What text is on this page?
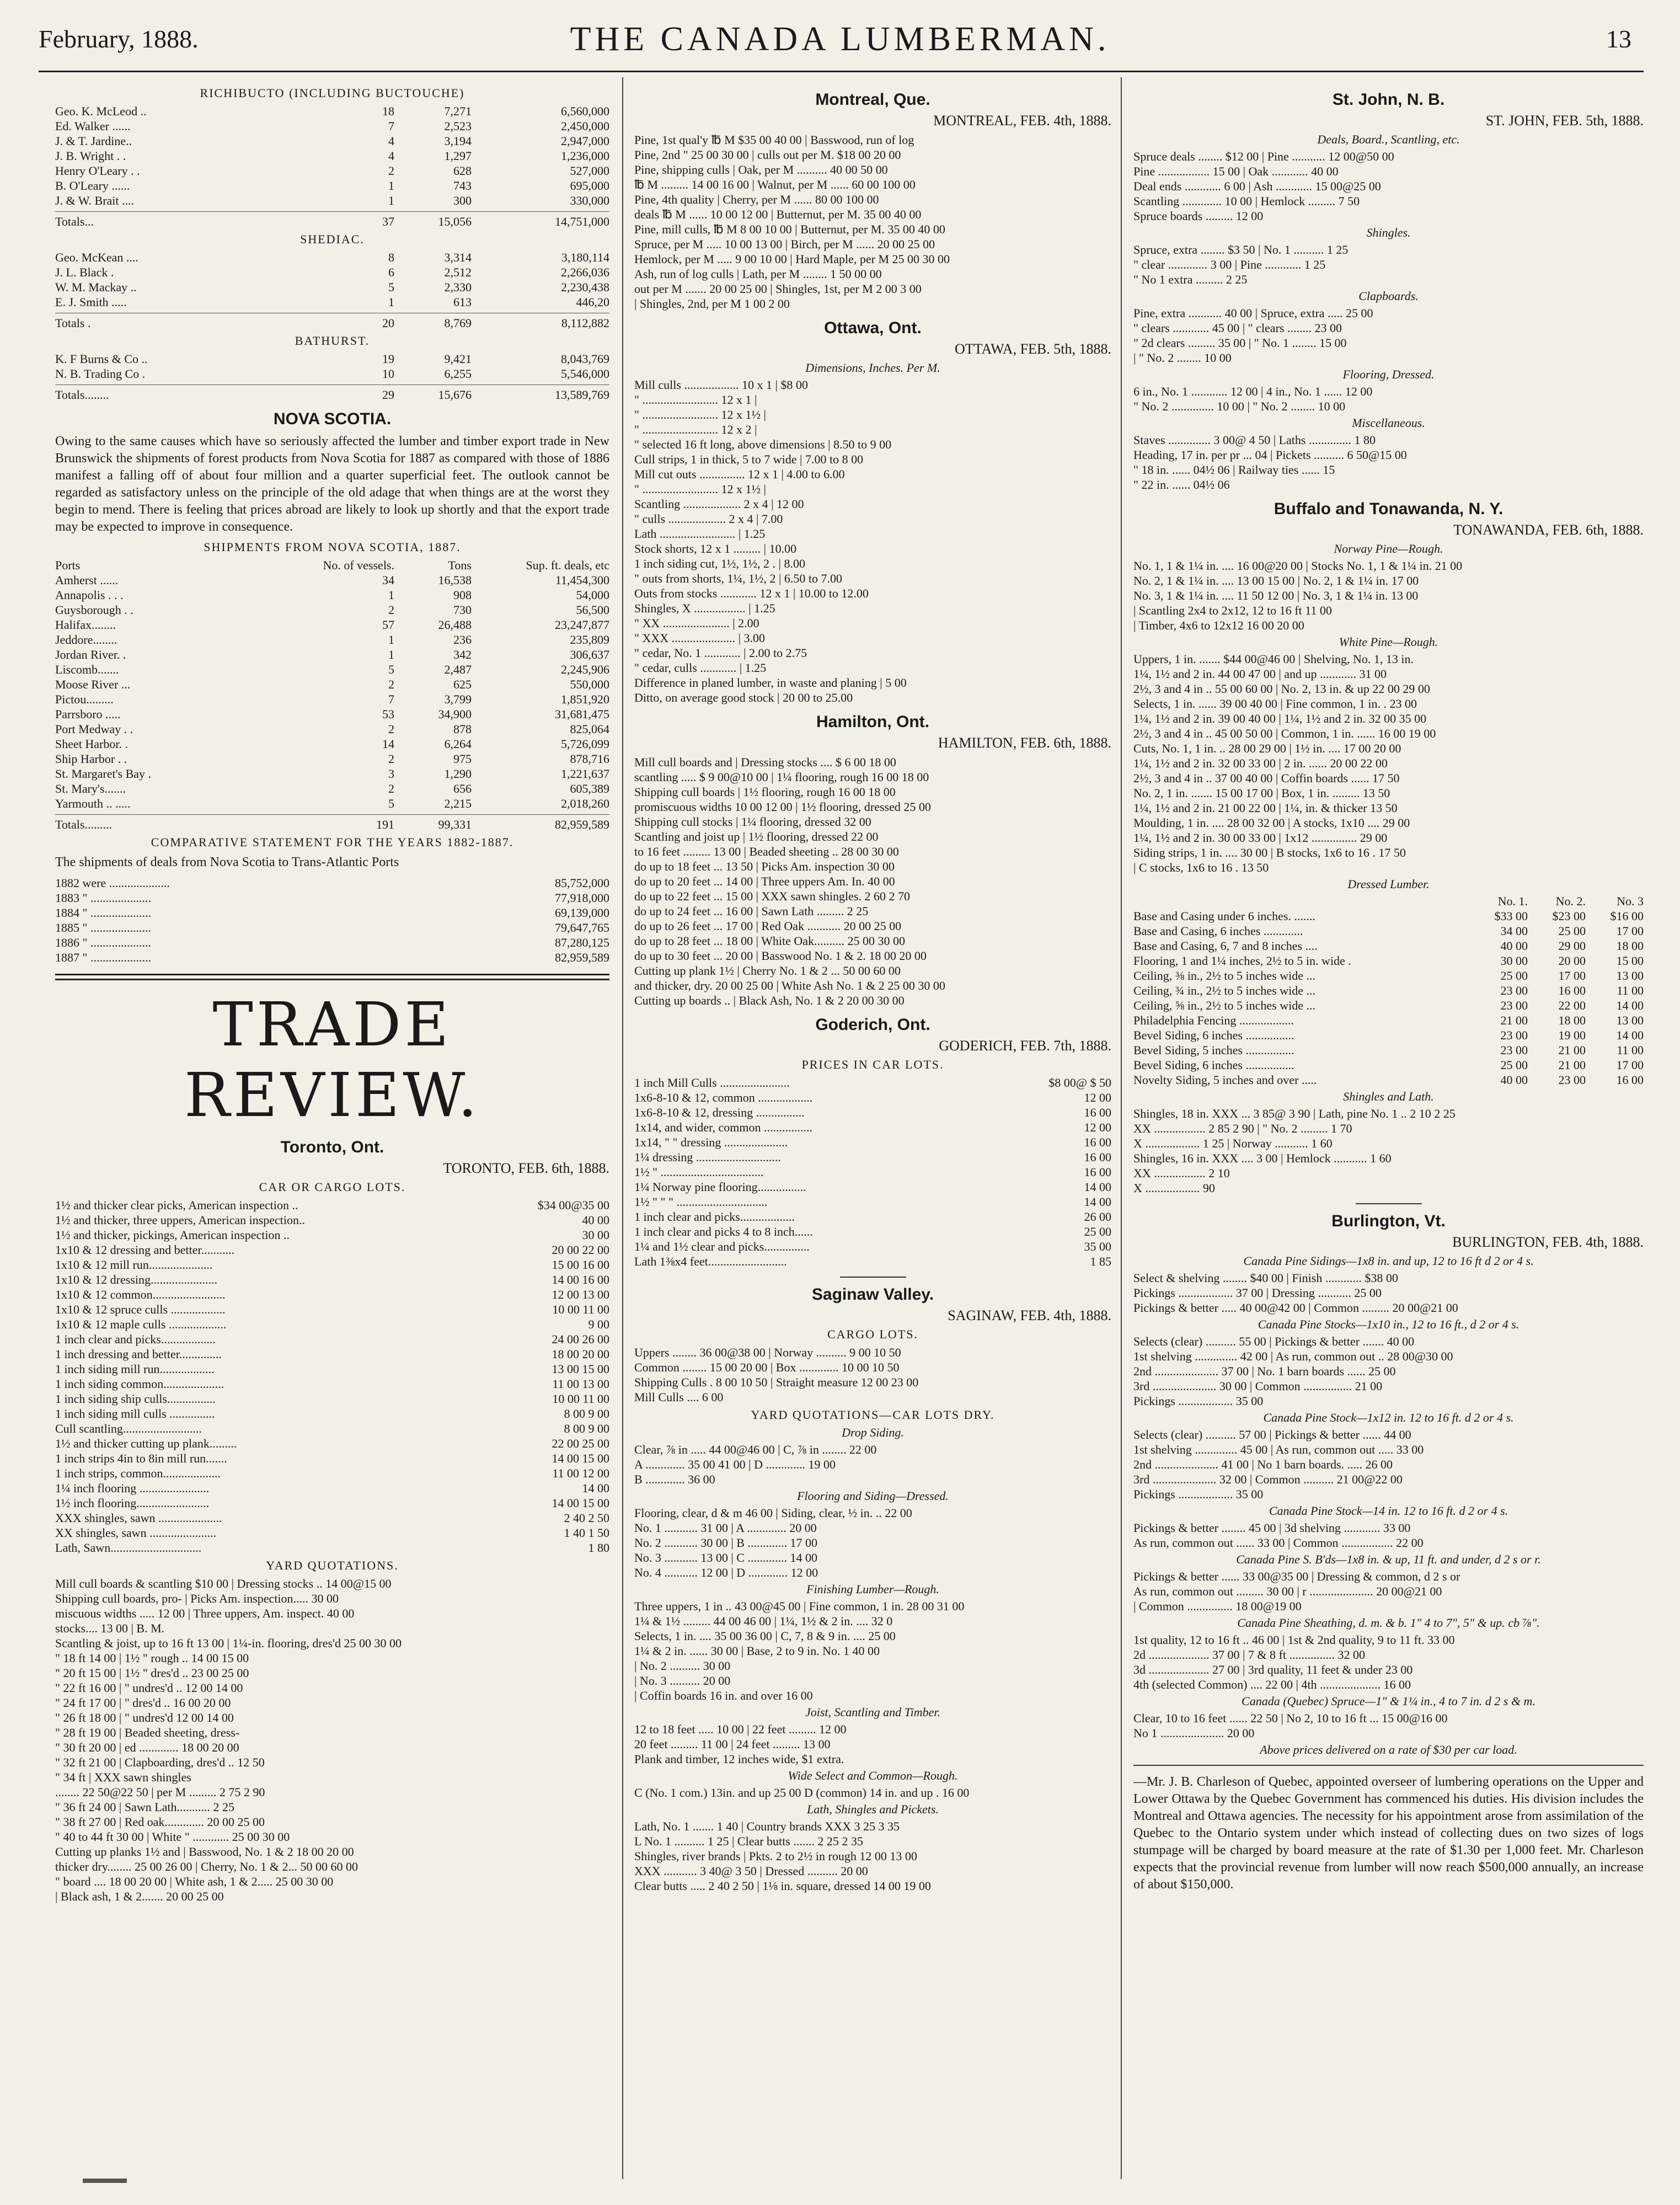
February, 1888.	THE CANADA LUMBERMAN.	13
RICHIBUCTO (INCLUDING BUCTOUCHE)
Geo. K. McLeod ..	18	7,271	6,560,000
Ed. Walker ......	7	2,523	2,450,000
J. & T. Jardine..	4	3,194	2,947,000
J. B. Wright . .	4	1,297	1,236,000
Henry O'Leary . .	2	628	527,000
B. O'Leary ......	1	743	695,000
J. & W. Brait ....	1	300	330,000
Totals...	37	15,056	14,751,000
SHEDIAC.
Geo. McKean ....	8	3,314	3,180,114
J. L. Black .	6	2,512	2,266,036
W. M. Mackay ..	5	2,330	2,230,438
E. J. Smith .....	1	613	446,20
Totals .	20	8,769	8,112,882
BATHURST.
K. F Burns & Co ..	19	9,421	8,043,769
N. B. Trading Co .	10	6,255	5,546,000
Totals........	29	15,676	13,589,769
NOVA SCOTIA.

Owing to the same causes which have so seriously affected the lumber and timber export trade in New Brunswick the shipments of forest products from Nova Scotia for 1887 as compared with those of 1886 manifest a falling off of about four million and a quarter superficial feet. The outlook cannot be regarded as satisfactory unless on the principle of the old adage that when things are at the worst they begin to mend. There is feeling that prices abroad are likely to look up shortly and that the export trade may be expected to improve in consequence.

SHIPMENTS FROM NOVA SCOTIA, 1887.
Ports	No. of vessels.	Tons	Sup. ft. deals, etc
Amherst ......	34	16,538	11,454,300
Annapolis . . .	1	908	54,000
Guysborough . .	2	730	56,500
Halifax........	57	26,488	23,247,877
Jeddore........	1	236	235,809
Jordan River. .	1	342	306,637
Liscomb.......	5	2,487	2,245,906
Moose River ...	2	625	550,000
Pictou.........	7	3,799	1,851,920
Parrsboro .....	53	34,900	31,681,475
Port Medway . .	2	878	825,064
Sheet Harbor. .	14	6,264	5,726,099
Ship Harbor . .	2	975	878,716
St. Margaret's Bay .	3	1,290	1,221,637
St. Mary's.......	2	656	605,389
Yarmouth .. .....	5	2,215	2,018,260
Totals.........	191	99,331	82,959,589
COMPARATIVE STATEMENT FOR THE YEARS 1882-1887.
The shipments of deals from Nova Scotia to Trans-Atlantic Ports
1882 were ....................	85,752,000
1883 " ....................	77,918,000
1884 " ....................	69,139,000
1885 " ....................	79,647,765
1886 " ....................	87,280,125
1887 " ....................	82,959,589
TRADE REVIEW.
Toronto, Ont.
TORONTO, FEB. 6th, 1888.
CAR OR CARGO LOTS.
1½ and thicker clear picks, American inspection ..	$34 00@35 00
1½ and thicker, three uppers, American inspection..	40 00
1½ and thicker, pickings, American inspection ..	30 00
1x10 & 12 dressing and better...........	20 00 22 00
1x10 & 12 mill run.....................	15 00 16 00
1x10 & 12 dressing......................	14 00 16 00
1x10 & 12 common........................	12 00 13 00
1x10 & 12 spruce culls ..................	10 00 11 00
1x10 & 12 maple culls ...................	9 00
1 inch clear and picks..................	24 00 26 00
1 inch dressing and better..............	18 00 20 00
1 inch siding mill run..................	13 00 15 00
1 inch siding common....................	11 00 13 00
1 inch siding ship culls................	10 00 11 00
1 inch siding mill culls ...............	8 00 9 00
Cull scantling..........................	8 00 9 00
1½ and thicker cutting up plank.........	22 00 25 00
1 inch strips 4in to 8in mill run.......	14 00 15 00
1 inch strips, common...................	11 00 12 00
1¼ inch flooring .......................	14 00
1½ inch flooring........................	14 00 15 00
XXX shingles, sawn .....................	2 40 2 50
XX shingles, sawn ......................	1 40 1 50
Lath, Sawn..............................	1 80
YARD QUOTATIONS.
Mill cull boards & scantling $10 00 | Dressing stocks .. 14 00@15 00
Shipping cull boards, pro- | Picks Am. inspection..... 30 00
miscuous widths ..... 12 00 | Three uppers, Am. inspect. 40 00
stocks.... 13 00 | B. M.
Scantling & joist, up to 16 ft 13 00 | 1¼-in. flooring, dres'd 25 00 30 00
" 18 ft 14 00 | 1½ " rough .. 14 00 15 00
" 20 ft 15 00 | 1½ " dres'd .. 23 00 25 00
" 22 ft 16 00 | " undres'd .. 12 00 14 00
" 24 ft 17 00 | " dres'd .. 16 00 20 00
" 26 ft 18 00 | " undres'd 12 00 14 00
" 28 ft 19 00 | Beaded sheeting, dress-
" 30 ft 20 00 | ed ............. 18 00 20 00
" 32 ft 21 00 | Clapboarding, dres'd .. 12 50
" 34 ft | XXX sawn shingles
........ 22 50@22 50 | per M ......... 2 75 2 90
" 36 ft 24 00 | Sawn Lath........... 2 25
" 38 ft 27 00 | Red oak............. 20 00 25 00
" 40 to 44 ft 30 00 | White " ............ 25 00 30 00
Cutting up planks 1½ and | Basswood, No. 1 & 2 18 00 20 00
thicker dry........ 25 00 26 00 | Cherry, No. 1 & 2... 50 00 60 00
" board .... 18 00 20 00 | White ash, 1 & 2..... 25 00 30 00
| Black ash, 1 & 2....... 20 00 25 00
Montreal, Que.
MONTREAL, FEB. 4th, 1888.
Pine, 1st qual'y ℔ M $35 00 40 00 | Basswood, run of log
Pine, 2nd " 25 00 30 00 | culls out per M. $18 00 20 00
Pine, shipping culls | Oak, per M .......... 40 00 50 00
℔ M ......... 14 00 16 00 | Walnut, per M ...... 60 00 100 00
Pine, 4th quality | Cherry, per M ...... 80 00 100 00
deals ℔ M ...... 10 00 12 00 | Butternut, per M. 35 00 40 00
Pine, mill culls, ℔ M 8 00 10 00 | Butternut, per M. 35 00 40 00
Spruce, per M ..... 10 00 13 00 | Birch, per M ...... 20 00 25 00
Hemlock, per M ..... 9 00 10 00 | Hard Maple, per M 25 00 30 00
Ash, run of log culls | Lath, per M ........ 1 50 00 00
out per M ....... 20 00 25 00 | Shingles, 1st, per M 2 00 3 00
| Shingles, 2nd, per M 1 00 2 00
Ottawa, Ont.
OTTAWA, FEB. 5th, 1888.
Dimensions, Inches. Per M.
Mill culls .................. 10 x 1 | $8 00
" ......................... 12 x 1 |
" ......................... 12 x 1½ |
" ......................... 12 x 2 |
" selected 16 ft long, above dimensions | 8.50 to 9 00
Cull strips, 1 in thick, 5 to 7 wide | 7.00 to 8 00
Mill cut outs ............... 12 x 1 | 4.00 to 6.00
" ......................... 12 x 1½ |
Scantling ................... 2 x 4 | 12 00
" culls ................... 2 x 4 | 7.00
Lath ......................... | 1.25
Stock shorts, 12 x 1 ......... | 10.00
1 inch siding cut, 1½, 1½, 2 . | 8.00
" outs from shorts, 1¼, 1½, 2 | 6.50 to 7.00
Outs from stocks ............ 12 x 1 | 10.00 to 12.00
Shingles, X ................. | 1.25
" XX ...................... | 2.00
" XXX ..................... | 3.00
" cedar, No. 1 ............ | 2.00 to 2.75
" cedar, culls ............ | 1.25
Difference in planed lumber, in waste and planing | 5 00
Ditto, on average good stock | 20 00 to 25.00
Hamilton, Ont.
HAMILTON, FEB. 6th, 1888.
Mill cull boards and | Dressing stocks .... $ 6 00 18 00
scantling ..... $ 9 00@10 00 | 1¼ flooring, rough 16 00 18 00
Shipping cull boards | 1½ flooring, rough 16 00 18 00
promiscuous widths 10 00 12 00 | 1½ flooring, dressed 25 00
Shipping cull stocks | 1¼ flooring, dressed 32 00
Scantling and joist up | 1½ flooring, dressed 22 00
to 16 feet ......... 13 00 | Beaded sheeting .. 28 00 30 00
do up to 18 feet ... 13 50 | Picks Am. inspection 30 00
do up to 20 feet ... 14 00 | Three uppers Am. In. 40 00
do up to 22 feet ... 15 00 | XXX sawn shingles. 2 60 2 70
do up to 24 feet ... 16 00 | Sawn Lath ......... 2 25
do up to 26 feet ... 17 00 | Red Oak ........... 20 00 25 00
do up to 28 feet ... 18 00 | White Oak.......... 25 00 30 00
do up to 30 feet ... 20 00 | Basswood No. 1 & 2. 18 00 20 00
Cutting up plank 1½ | Cherry No. 1 & 2 ... 50 00 60 00
and thicker, dry. 20 00 25 00 | White Ash No. 1 & 2 25 00 30 00
Cutting up boards .. | Black Ash, No. 1 & 2 20 00 30 00
Goderich, Ont.
GODERICH, FEB. 7th, 1888.
PRICES IN CAR LOTS.
1 inch Mill Culls .......................	$8 00@ $ 50
1x6-8-10 & 12, common ..................	12 00
1x6-8-10 & 12, dressing ................	16 00
1x14, and wider, common ................	12 00
1x14, " " dressing .....................	16 00
1¼ dressing ............................	16 00
1½ " ..................................	16 00
1¼ Norway pine flooring................	14 00
1½ " " " ..............................	14 00
1 inch clear and picks..................	26 00
1 inch clear and picks 4 to 8 inch......	25 00
1¼ and 1½ clear and picks...............	35 00
Lath 1⅜x4 feet..........................	1 85
Saginaw Valley.
SAGINAW, FEB. 4th, 1888.
CARGO LOTS.
Uppers ........ 36 00@38 00 | Norway .......... 9 00 10 50
Common ........ 15 00 20 00 | Box ............. 10 00 10 50
Shipping Culls . 8 00 10 50 | Straight measure 12 00 23 00
Mill Culls .... 6 00
YARD QUOTATIONS—CAR LOTS DRY.
Drop Siding.
Clear, ⅞ in ..... 44 00@46 00 | C, ⅞ in ........ 22 00
A ............. 35 00 41 00 | D ............. 19 00
B ............. 36 00
Flooring and Siding—Dressed.
Flooring, clear, d & m 46 00 | Siding, clear, ½ in. .. 22 00
No. 1 ........... 31 00 | A ............. 20 00
No. 2 ........... 30 00 | B ............. 17 00
No. 3 ........... 13 00 | C ............. 14 00
No. 4 ........... 12 00 | D ............. 12 00
Finishing Lumber—Rough.
Three uppers, 1 in .. 43 00@45 00 | Fine common, 1 in. 28 00 31 00
1¼ & 1½ ......... 44 00 46 00 | 1¼, 1½ & 2 in. .... 32 0
Selects, 1 in. .... 35 00 36 00 | C, 7, 8 & 9 in. .... 25 00
1¼ & 2 in. ...... 30 00 | Base, 2 to 9 in. No. 1 40 00
| No. 2 .......... 30 00
| No. 3 .......... 20 00
| Coffin boards 16 in. and over 16 00
Joist, Scantling and Timber.
12 to 18 feet ..... 10 00 | 22 feet ......... 12 00
20 feet ......... 11 00 | 24 feet ......... 13 00
Plank and timber, 12 inches wide, $1 extra.
Wide Select and Common—Rough.
C (No. 1 com.) 13in. and up 25 00 D (common) 14 in. and up . 16 00
Lath, Shingles and Pickets.
Lath, No. 1 ....... 1 40 | Country brands XXX 3 25 3 35
L No. 1 .......... 1 25 | Clear butts ....... 2 25 2 35
Shingles, river brands | Pkts. 2 to 2½ in rough 12 00 13 00
XXX ........... 3 40@ 3 50 | Dressed .......... 20 00
Clear butts ..... 2 40 2 50 | 1⅛ in. square, dressed 14 00 19 00
St. John, N. B.
ST. JOHN, FEB. 5th, 1888.
Deals, Board., Scantling, etc.
Spruce deals ........ $12 00 | Pine ........... 12 00@50 00
Pine ................. 15 00 | Oak ............ 40 00
Deal ends ............ 6 00 | Ash ............ 15 00@25 00
Scantling ............. 10 00 | Hemlock ......... 7 50
Spruce boards ......... 12 00
Shingles.
Spruce, extra ........ $3 50 | No. 1 .......... 1 25
" clear ............. 3 00 | Pine ............ 1 25
" No 1 extra ......... 2 25
Clapboards.
Pine, extra ........... 40 00 | Spruce, extra ..... 25 00
" clears ............ 45 00 | " clears ........ 23 00
" 2d clears ......... 35 00 | " No. 1 ........ 15 00
| " No. 2 ........ 10 00
Flooring, Dressed.
6 in., No. 1 ............ 12 00 | 4 in., No. 1 ...... 12 00
" No. 2 .............. 10 00 | " No. 2 ........ 10 00
Miscellaneous.
Staves .............. 3 00@ 4 50 | Laths .............. 1 80
Heading, 17 in. per pr ... 04 | Pickets .......... 6 50@15 00
" 18 in. ...... 04½ 06 | Railway ties ...... 15
" 22 in. ...... 04½ 06
Buffalo and Tonawanda, N. Y.
TONAWANDA, FEB. 6th, 1888.
Norway Pine—Rough.
No. 1, 1 & 1¼ in. .... 16 00@20 00 | Stocks No. 1, 1 & 1¼ in. 21 00
No. 2, 1 & 1¼ in. .... 13 00 15 00 | No. 2, 1 & 1¼ in. 17 00
No. 3, 1 & 1¼ in. .... 11 50 12 00 | No. 3, 1 & 1¼ in. 13 00
| Scantling 2x4 to 2x12, 12 to 16 ft 11 00
| Timber, 4x6 to 12x12 16 00 20 00
White Pine—Rough.
Uppers, 1 in. ....... $44 00@46 00 | Shelving, No. 1, 13 in.
1¼, 1½ and 2 in. 44 00 47 00 | and up ............ 31 00
2½, 3 and 4 in .. 55 00 60 00 | No. 2, 13 in. & up 22 00 29 00
Selects, 1 in. ...... 39 00 40 00 | Fine common, 1 in. . 23 00
1¼, 1½ and 2 in. 39 00 40 00 | 1¼, 1½ and 2 in. 32 00 35 00
2½, 3 and 4 in .. 45 00 50 00 | Common, 1 in. ...... 16 00 19 00
Cuts, No. 1, 1 in. .. 28 00 29 00 | 1½ in. .... 17 00 20 00
1¼, 1½ and 2 in. 32 00 33 00 | 2 in. ...... 20 00 22 00
2½, 3 and 4 in .. 37 00 40 00 | Coffin boards ...... 17 50
No. 2, 1 in. ....... 15 00 17 00 | Box, 1 in. ......... 13 50
1¼, 1½ and 2 in. 21 00 22 00 | 1¼, in. & thicker 13 50
Moulding, 1 in. .... 28 00 32 00 | A stocks, 1x10 .... 29 00
1¼, 1½ and 2 in. 30 00 33 00 | 1x12 ............... 29 00
Siding strips, 1 in. .... 30 00 | B stocks, 1x6 to 16 . 17 50
| C stocks, 1x6 to 16 . 13 50
Dressed Lumber.
No. 1.	No. 2.	No. 3
Base and Casing under 6 inches. .......	$33 00	$23 00	$16 00
Base and Casing, 6 inches .............	34 00	25 00	17 00
Base and Casing, 6, 7 and 8 inches ....	40 00	29 00	18 00
Flooring, 1 and 1¼ inches, 2½ to 5 in. wide .	30 00	20 00	15 00
Ceiling, ⅜ in., 2½ to 5 inches wide ...	25 00	17 00	13 00
Ceiling, ¾ in., 2½ to 5 inches wide ...	23 00	16 00	11 00
Ceiling, ⅝ in., 2½ to 5 inches wide ...	23 00	22 00	14 00
Philadelphia Fencing ..................	21 00	18 00	13 00
Bevel Siding, 6 inches ................	23 00	19 00	14 00
Bevel Siding, 5 inches ................	23 00	21 00	11 00
Bevel Siding, 6 inches ................	25 00	21 00	17 00
Novelty Siding, 5 inches and over .....	40 00	23 00	16 00
Shingles and Lath.
Shingles, 18 in. XXX ... 3 85@ 3 90 | Lath, pine No. 1 .. 2 10 2 25
XX ................. 2 85 2 90 | " No. 2 ......... 1 70
X .................. 1 25 | Norway ........... 1 60
Shingles, 16 in. XXX .... 3 00 | Hemlock ........... 1 60
XX ................. 2 10
X .................. 90
Burlington, Vt.
BURLINGTON, FEB. 4th, 1888.
Canada Pine Sidings—1x8 in. and up, 12 to 16 ft d 2 or 4 s.
Select & shelving ........ $40 00 | Finish ............ $38 00
Pickings .................. 37 00 | Dressing ........... 25 00
Pickings & better ..... 40 00@42 00 | Common ......... 20 00@21 00
Canada Pine Stocks—1x10 in., 12 to 16 ft., d 2 or 4 s.
Selects (clear) .......... 55 00 | Pickings & better ....... 40 00
1st shelving .............. 42 00 | As run, common out .. 28 00@30 00
2nd ..................... 37 00 | No. 1 barn boards ...... 25 00
3rd ..................... 30 00 | Common ................ 21 00
Pickings .................. 35 00
Canada Pine Stock—1x12 in. 12 to 16 ft. d 2 or 4 s.
Selects (clear) .......... 57 00 | Pickings & better ...... 44 00
1st shelving .............. 45 00 | As run, common out ..... 33 00
2nd ..................... 41 00 | No 1 barn boards. ..... 26 00
3rd ..................... 32 00 | Common .......... 21 00@22 00
Pickings .................. 35 00
Canada Pine Stock—14 in. 12 to 16 ft. d 2 or 4 s.
Pickings & better ........ 45 00 | 3d shelving ............ 33 00
As run, common out ...... 33 00 | Common ................. 22 00
Canada Pine S. B'ds—1x8 in. & up, 11 ft. and under, d 2 s or r.
Pickings & better ...... 33 00@35 00 | Dressing & common, d 2 s or
As run, common out ......... 30 00 | r ..................... 20 00@21 00
| Common ............... 18 00@19 00
Canada Pine Sheathing, d. m. & b. 1" 4 to 7", 5" & up. cb ⅞".
1st quality, 12 to 16 ft .. 46 00 | 1st & 2nd quality, 9 to 11 ft. 33 00
2d .................... 37 00 | 7 & 8 ft ............... 32 00
3d .................... 27 00 | 3rd quality, 11 feet & under 23 00
4th (selected Common) .... 22 00 | 4th .................... 16 00
Canada (Quebec) Spruce—1" & 1¼ in., 4 to 7 in. d 2 s & m.
Clear, 10 to 16 feet ...... 22 50 | No 2, 10 to 16 ft ... 15 00@16 00
No 1 ..................... 20 00
Above prices delivered on a rate of $30 per car load.

—Mr. J. B. Charleson of Quebec, appointed overseer of lumbering operations on the Upper and Lower Ottawa by the Quebec Government has commenced his duties. His division includes the Montreal and Ottawa agencies. The necessity for his appointment arose from assimilation of the Quebec to the Ontario system under which instead of collecting dues on two sizes of logs stumpage will be charged by board measure at the rate of $1.30 per 1,000 feet. Mr. Charleson expects that the provincial revenue from lumber will now reach $500,000 annually, an increase of about $150,000.
